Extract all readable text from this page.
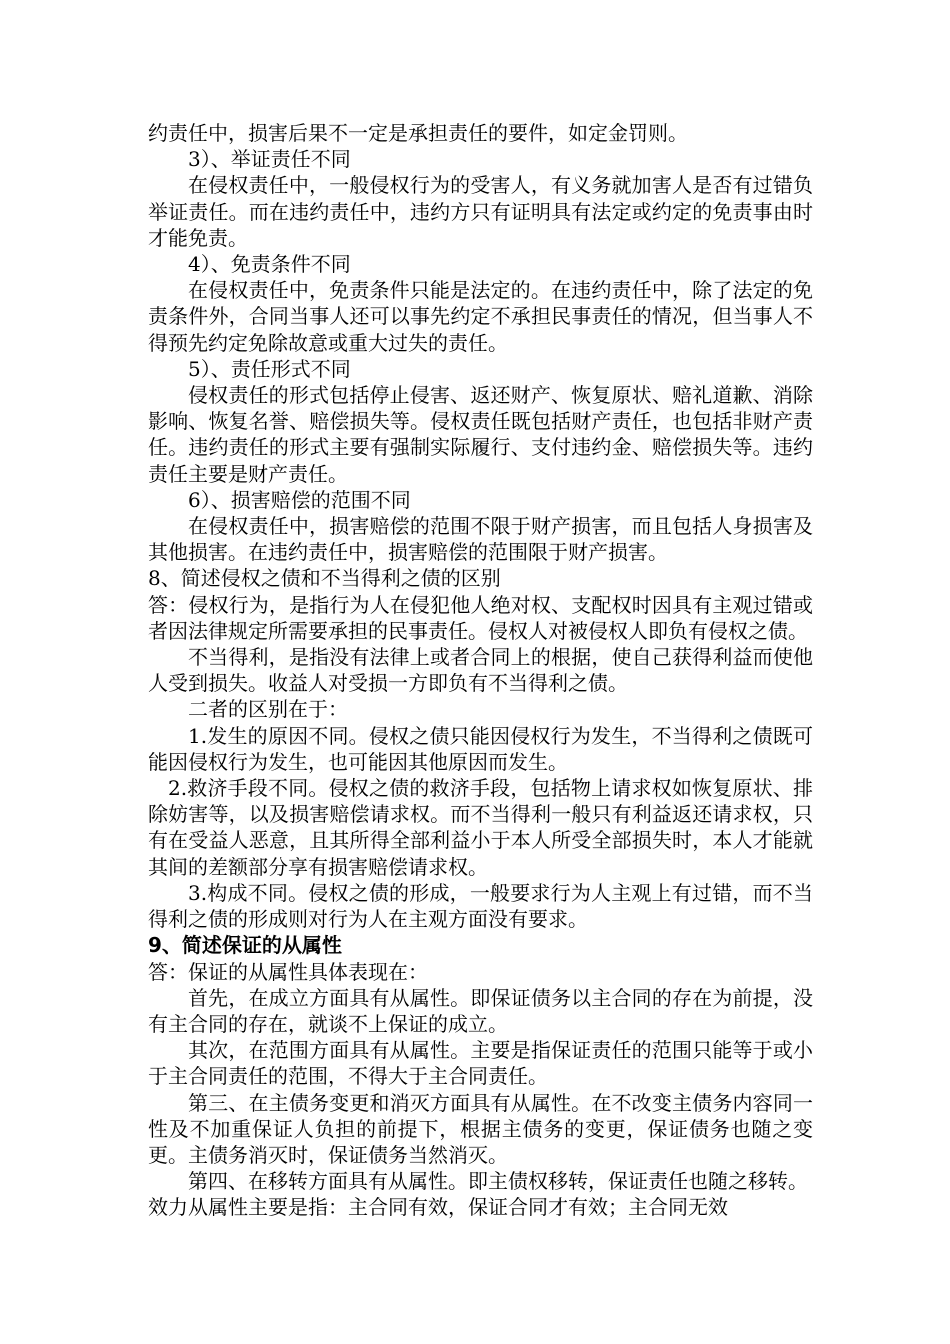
约责任中，损害后果不一定是承担责任的要件，如定金罚则。

3）、举证责任不同

在侵权责任中，一般侵权行为的受害人，有义务就加害人是否有过错负举证责任。而在违约责任中，违约方只有证明具有法定或约定的免责事由时才能免责。

4）、免责条件不同

在侵权责任中，免责条件只能是法定的。在违约责任中，除了法定的免责条件外，合同当事人还可以事先约定不承担民事责任的情况，但当事人不得预先约定免除故意或重大过失的责任。

5）、责任形式不同

侵权责任的形式包括停止侵害、返还财产、恢复原状、赔礼道歉、消除影响、恢复名誉、赔偿损失等。侵权责任既包括财产责任，也包括非财产责任。违约责任的形式主要有强制实际履行、支付违约金、赔偿损失等。违约责任主要是财产责任。

6）、损害赔偿的范围不同

在侵权责任中，损害赔偿的范围不限于财产损害，而且包括人身损害及其他损害。在违约责任中，损害赔偿的范围限于财产损害。

8、简述侵权之债和不当得利之债的区别

答：侵权行为，是指行为人在侵犯他人绝对权、支配权时因具有主观过错或者因法律规定所需要承担的民事责任。侵权人对被侵权人即负有侵权之债。

不当得利，是指没有法律上或者合同上的根据，使自己获得利益而使他人受到损失。收益人对受损一方即负有不当得利之债。

二者的区别在于：

1.发生的原因不同。侵权之债只能因侵权行为发生，不当得利之债既可能因侵权行为发生，也可能因其他原因而发生。

2.救济手段不同。侵权之债的救济手段，包括物上请求权如恢复原状、排除妨害等，以及损害赔偿请求权。而不当得利一般只有利益返还请求权，只有在受益人恶意，且其所得全部利益小于本人所受全部损失时，本人才能就其间的差额部分享有损害赔偿请求权。

3.构成不同。侵权之债的形成，一般要求行为人主观上有过错，而不当得利之债的形成则对行为人在主观方面没有要求。

9、简述保证的从属性

答：保证的从属性具体表现在：

首先，在成立方面具有从属性。即保证债务以主合同的存在为前提，没有主合同的存在，就谈不上保证的成立。

其次，在范围方面具有从属性。主要是指保证责任的范围只能等于或小于主合同责任的范围，不得大于主合同责任。

第三、在主债务变更和消灭方面具有从属性。在不改变主债务内容同一性及不加重保证人负担的前提下，根据主债务的变更，保证债务也随之变更。主债务消灭时，保证债务当然消灭。

第四、在移转方面具有从属性。即主债权移转，保证责任也随之移转。

效力从属性主要是指：主合同有效，保证合同才有效；主合同无效
